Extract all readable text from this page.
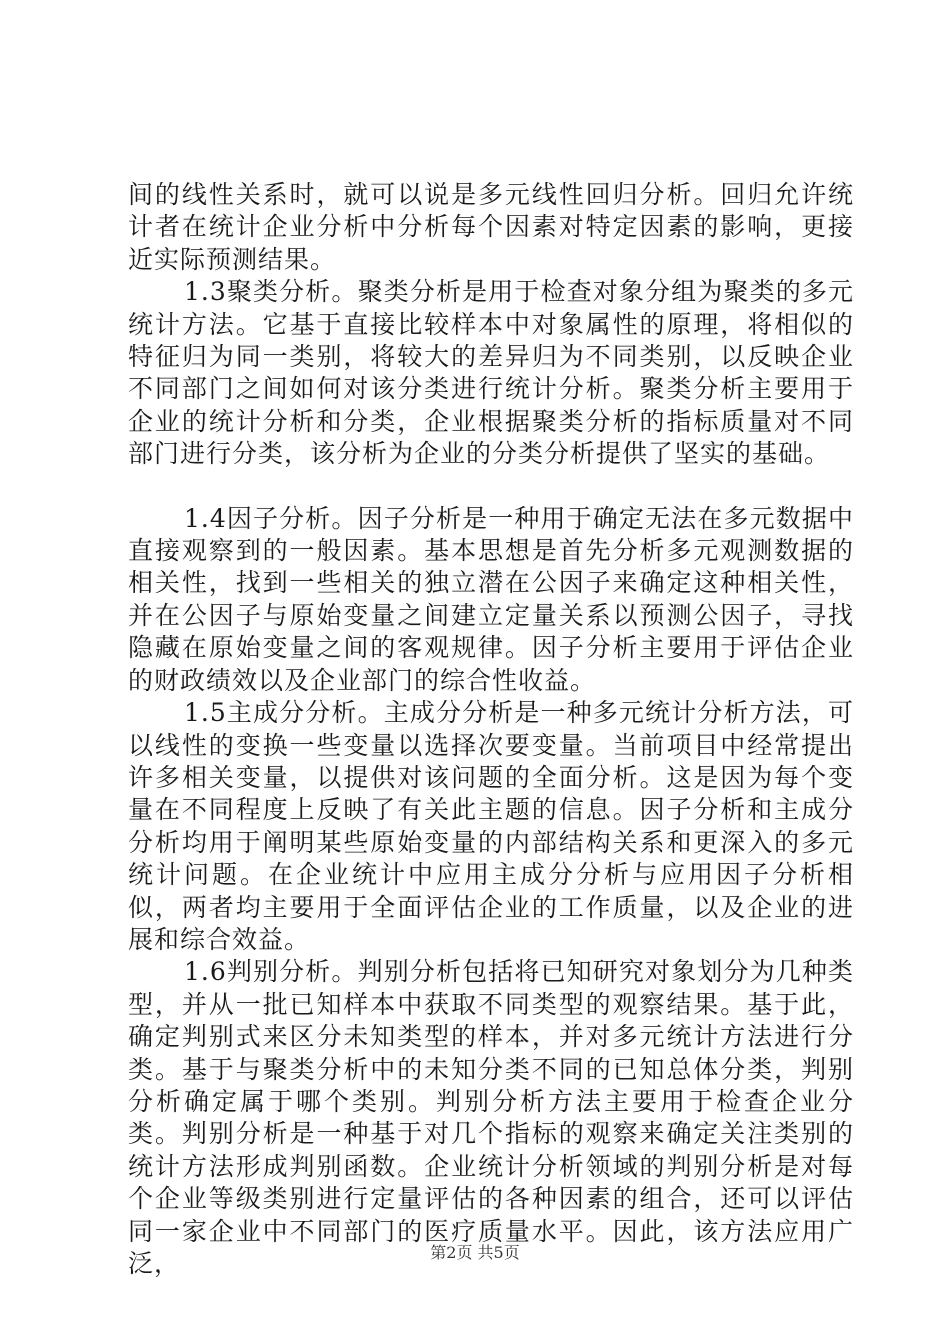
间的线性关系时，就可以说是多元线性回归分析。回归允许统计者在统计企业分析中分析每个因素对特定因素的影响，更接近实际预测结果。

1.3聚类分析。聚类分析是用于检查对象分组为聚类的多元统计方法。它基于直接比较样本中对象属性的原理，将相似的特征归为同一类别，将较大的差异归为不同类别，以反映企业不同部门之间如何对该分类进行统计分析。聚类分析主要用于企业的统计分析和分类，企业根据聚类分析的指标质量对不同部门进行分类，该分析为企业的分类分析提供了坚实的基础。

1.4因子分析。因子分析是一种用于确定无法在多元数据中直接观察到的一般因素。基本思想是首先分析多元观测数据的相关性，找到一些相关的独立潜在公因子来确定这种相关性，并在公因子与原始变量之间建立定量关系以预测公因子，寻找隐藏在原始变量之间的客观规律。因子分析主要用于评估企业的财政绩效以及企业部门的综合性收益。

1.5主成分分析。主成分分析是一种多元统计分析方法，可以线性的变换一些变量以选择次要变量。当前项目中经常提出许多相关变量，以提供对该问题的全面分析。这是因为每个变量在不同程度上反映了有关此主题的信息。因子分析和主成分分析均用于阐明某些原始变量的内部结构关系和更深入的多元统计问题。在企业统计中应用主成分分析与应用因子分析相似，两者均主要用于全面评估企业的工作质量，以及企业的进展和综合效益。

1.6判别分析。判别分析包括将已知研究对象划分为几种类型，并从一批已知样本中获取不同类型的观察结果。基于此，确定判别式来区分未知类型的样本，并对多元统计方法进行分类。基于与聚类分析中的未知分类不同的已知总体分类，判别分析确定属于哪个类别。判别分析方法主要用于检查企业分类。判别分析是一种基于对几个指标的观察来确定关注类别的统计方法形成判别函数。企业统计分析领域的判别分析是对每个企业等级类别进行定量评估的各种因素的组合，还可以评估同一家企业中不同部门的医疗质量水平。因此，该方法应用广泛，	第2页 共5页
